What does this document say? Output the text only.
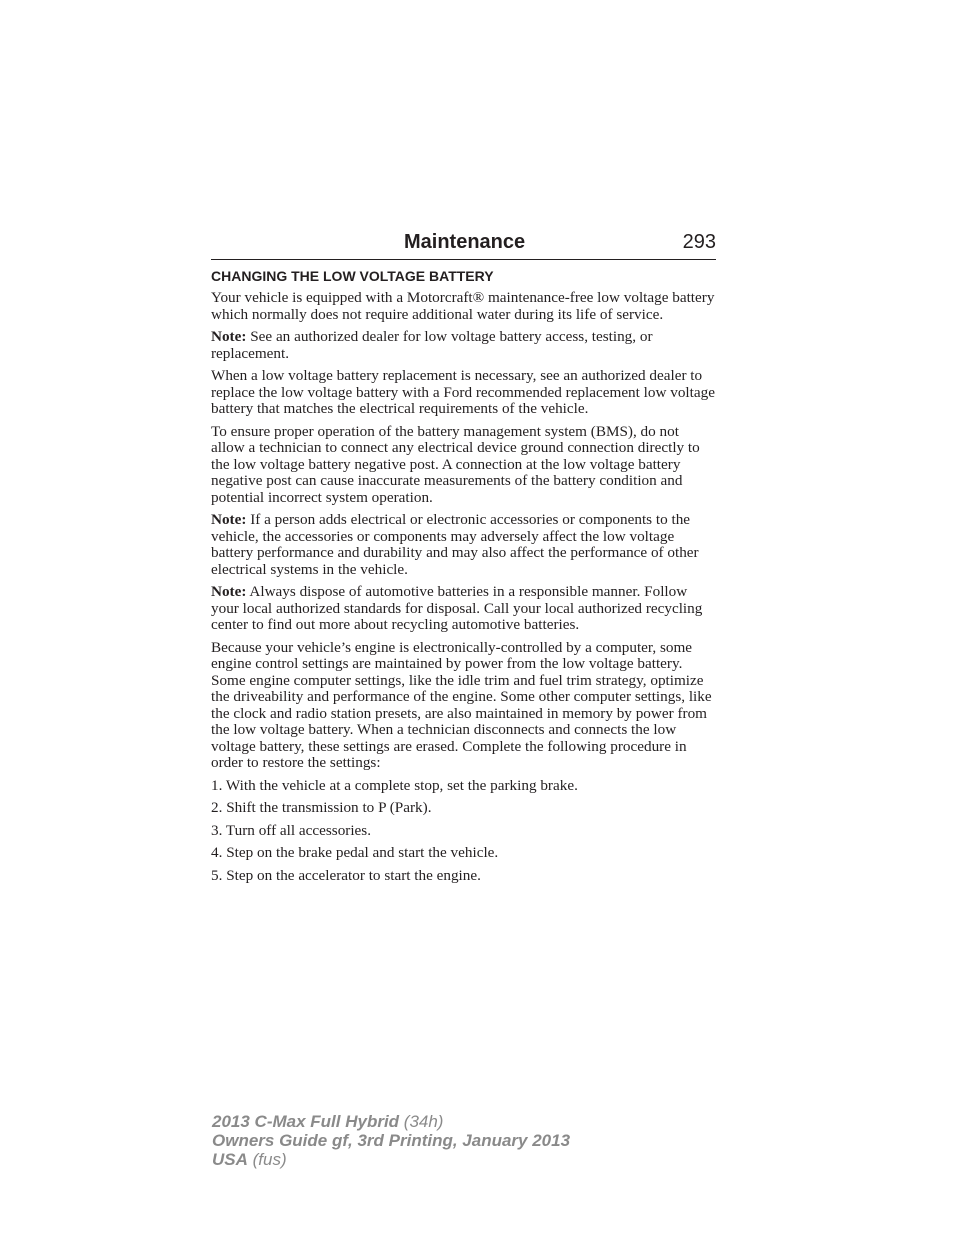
Maintenance	293
CHANGING THE LOW VOLTAGE BATTERY

Your vehicle is equipped with a Motorcraft® maintenance-free low voltage battery which normally does not require additional water during its life of service.

Note: See an authorized dealer for low voltage battery access, testing, or replacement.

When a low voltage battery replacement is necessary, see an authorized dealer to replace the low voltage battery with a Ford recommended replacement low voltage battery that matches the electrical requirements of the vehicle.

To ensure proper operation of the battery management system (BMS), do not allow a technician to connect any electrical device ground connection directly to the low voltage battery negative post. A connection at the low voltage battery negative post can cause inaccurate measurements of the battery condition and potential incorrect system operation.

Note: If a person adds electrical or electronic accessories or components to the vehicle, the accessories or components may adversely affect the low voltage battery performance and durability and may also affect the performance of other electrical systems in the vehicle.

Note: Always dispose of automotive batteries in a responsible manner. Follow your local authorized standards for disposal. Call your local authorized recycling center to find out more about recycling automotive batteries.

Because your vehicle’s engine is electronically-controlled by a computer, some engine control settings are maintained by power from the low voltage battery. Some engine computer settings, like the idle trim and fuel trim strategy, optimize the driveability and performance of the engine. Some other computer settings, like the clock and radio station presets, are also maintained in memory by power from the low voltage battery. When a technician disconnects and connects the low voltage battery, these settings are erased. Complete the following procedure in order to restore the settings:

1. With the vehicle at a complete stop, set the parking brake.

2. Shift the transmission to P (Park).

3. Turn off all accessories.

4. Step on the brake pedal and start the vehicle.

5. Step on the accelerator to start the engine.

2013 C-Max Full Hybrid (34h)
Owners Guide gf, 3rd Printing, January 2013
USA (fus)
